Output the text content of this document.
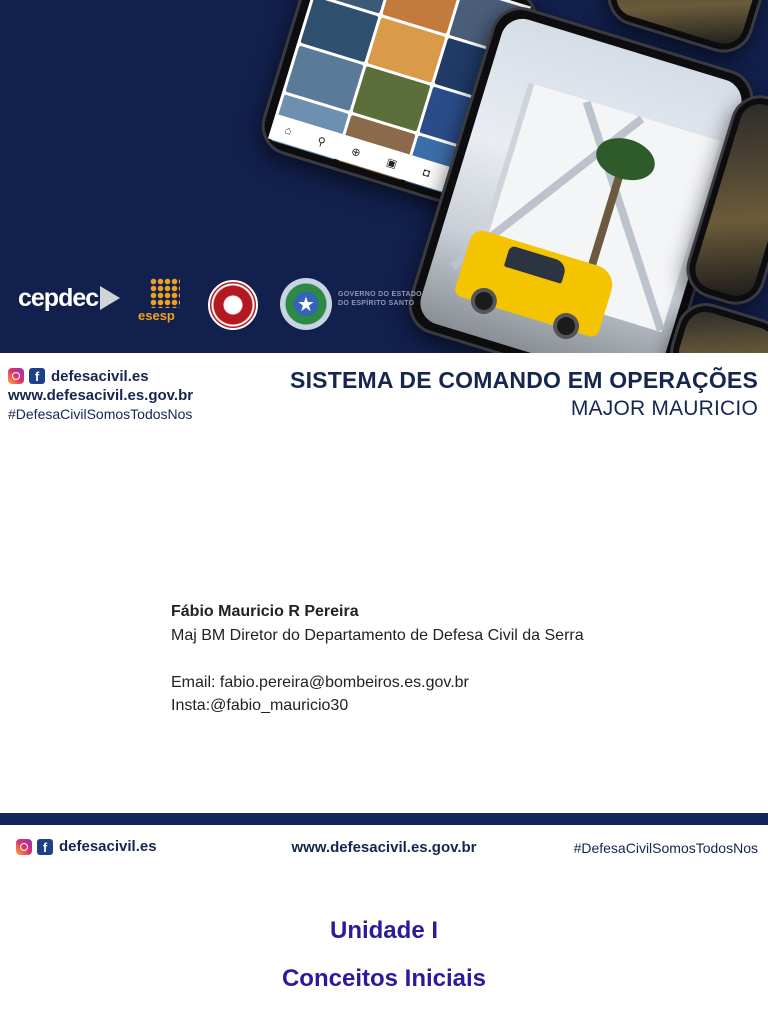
⌂
⚲
⊕
▣
◘
cepdec
esesp	★	GOVERNO DO ESTADO
DO ESPÍRITO SANTO
f defesacivil.es
www.defesacivil.es.gov.br
#DefesaCivilSomosTodosNos
SISTEMA DE COMANDO EM OPERAÇÕES
MAJOR MAURICIO
Fábio Mauricio R Pereira
Maj BM Diretor do Departamento de Defesa Civil da Serra
Email: fabio.pereira@bombeiros.es.gov.br
Insta:@fabio_mauricio30
f defesacivil.es	www.defesacivil.es.gov.br	#DefesaCivilSomosTodosNos
Unidade I
Conceitos Iniciais
